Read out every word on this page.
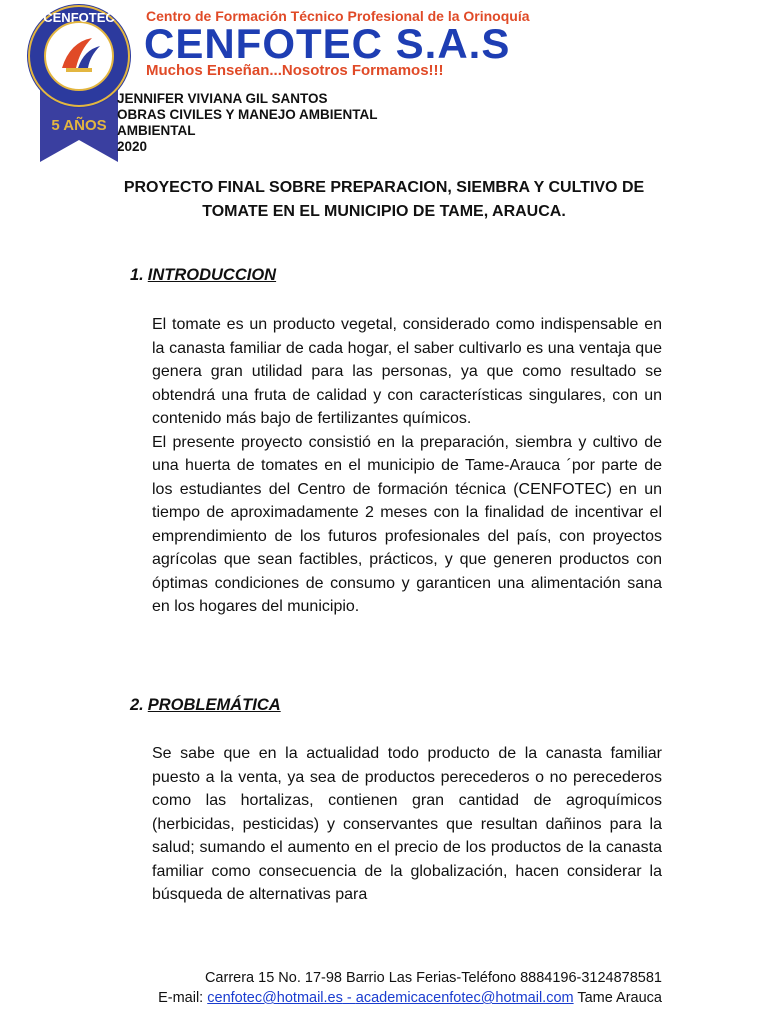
CENFOTEC
5 AÑOS
Centro de Formación Técnico Profesional de la Orinoquía
CENFOTEC S.A.S
Muchos Enseñan...Nosotros Formamos!!!
JENNIFER VIVIANA GIL SANTOS
OBRAS CIVILES Y MANEJO AMBIENTAL
AMBIENTAL
2020
PROYECTO FINAL SOBRE PREPARACION, SIEMBRA Y CULTIVO DE TOMATE EN EL MUNICIPIO DE TAME, ARAUCA.
1. INTRODUCCION

El tomate es un producto vegetal, considerado como indispensable en la canasta familiar de cada hogar, el saber cultivarlo es una ventaja que genera gran utilidad para las personas, ya que como resultado se obtendrá una fruta de calidad y con características singulares, con un contenido más bajo de fertilizantes químicos.

El presente proyecto consistió en la preparación, siembra y cultivo de una huerta de tomates en el municipio de Tame-Arauca ´por parte de los estudiantes del Centro de formación técnica (CENFOTEC) en un tiempo de aproximadamente 2 meses con la finalidad de incentivar el emprendimiento de los futuros profesionales del país, con proyectos agrícolas que sean factibles, prácticos, y que generen productos con óptimas condiciones de consumo y garanticen una alimentación sana en los hogares del municipio.

2. PROBLEMÁTICA

Se sabe que en la actualidad todo producto de la canasta familiar puesto a la venta, ya sea de productos perecederos o no perecederos como las hortalizas, contienen gran cantidad de agroquímicos (herbicidas, pesticidas) y conservantes que resultan dañinos para la salud; sumando el aumento en el precio de los productos de la canasta familiar como consecuencia de la globalización, hacen considerar la búsqueda de alternativas para

Carrera 15 No. 17-98 Barrio Las Ferias-Teléfono 8884196-3124878581
E-mail: cenfotec@hotmail.es - academicacenfotec@hotmail.com Tame Arauca
